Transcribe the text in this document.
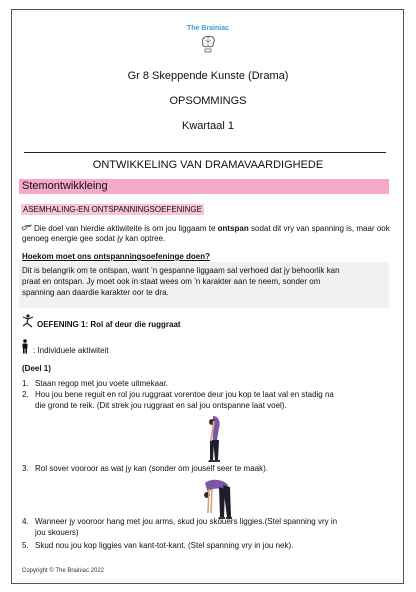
The Brainiac
Gr 8 Skeppende Kunste (Drama)
OPSOMMINGS
Kwartaal 1
ONTWIKKELING VAN DRAMAVAARDIGHEDE
Stemontwikkleing
ASEMHALING-EN ONTSPANNINGSOEFENINGE
Die doel van hierdie aktiwiteite is om jou liggaam te ontspan sodat dit vry van spanning is, maar ook genoeg energie gee sodat jy kan optree.
Hoekom moet ons ontspanningsoefeninge doen?
Dit is belangrik om te ontspan, want ’n gespanne liggaam sal verhoed dat jy behoorlik kan
praat en ontspan. Jy moet ook in staat wees om ’n karakter aan te neem, sonder om
spanning aan daardie karakter oor te dra.
OEFENING 1: Rol af deur die ruggraat
: Individuele aktiwiteit
(Deel 1)
1. Staan regop met jou voete uitmekaar.
2. Hou jou bene reguit en rol jou ruggraat vorentoe deur jou kop te laat val en stadig na
die grond te reik. (Dit strek jou ruggraat en sal jou ontspanne laat voel).
3. Rol sover vooroor as wat jy kan (sonder om jouself seer te maak).
4. Wanneer jy vooroor hang met jou arms, skud jou skouers liggies.(Stel spanning vry in
jou skouers)
5. Skud nou jou kop liggies van kant-tot-kant. (Stel spanning vry in jou nek).
Copyright © The Brainiac 2022
